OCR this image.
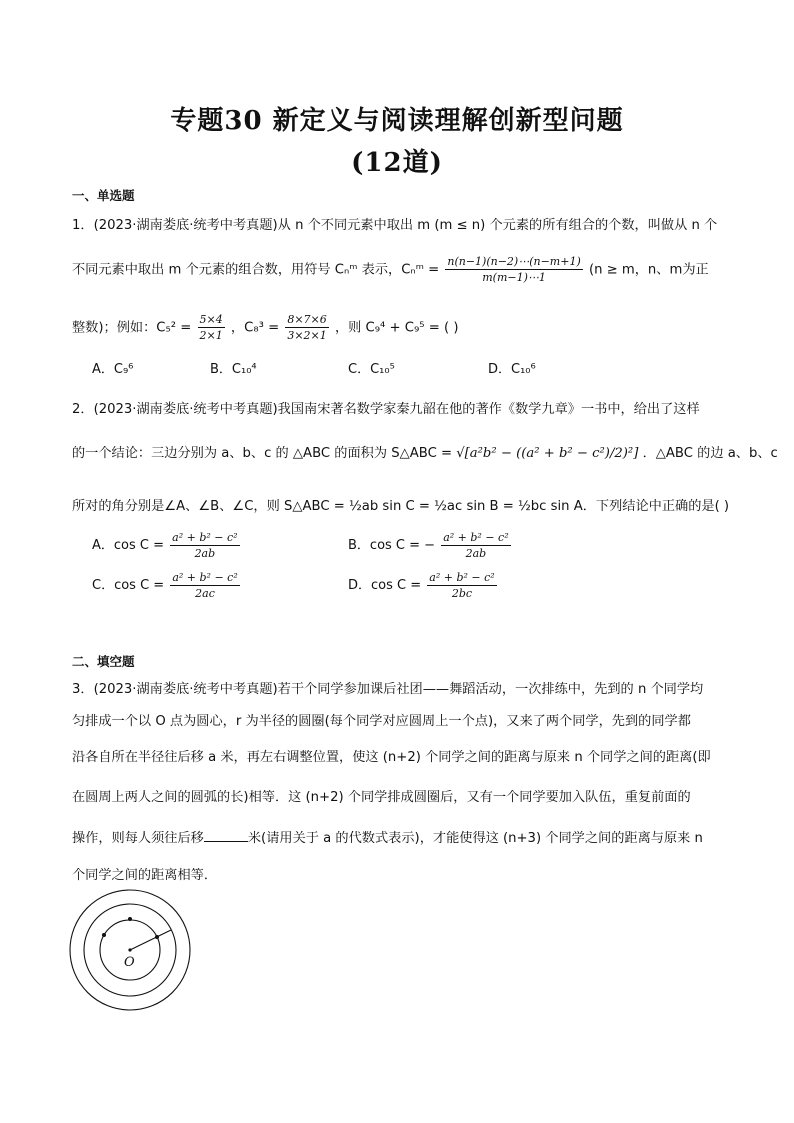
专题30 新定义与阅读理解创新型问题
(12道)
一、单选题
1．(2023·湖南娄底·统考中考真题)从 n 个不同元素中取出 m (m ≤ n) 个元素的所有组合的个数，叫做从 n 个
不同元素中取出 m 个元素的组合数，用符号 Cₙᵐ 表示，Cₙᵐ = $\frac{n(n-1)(n-2)\cdots(n-m+1)}{m(m-1)\cdots 1} (n \ge m$，n、m为正
整数)；例如：$C_5^2 = \frac{5\times 4}{2\times 1}$ ，$C_8^3 = \frac{8\times 7\times 6}{3\times 2\times 1}$ ，则 C₉⁴ + C₉⁵ = ( )
A．C₉⁶	B．C₁₀⁴	C．C₁₀⁵	D．C₁₀⁶
2．(2023·湖南娄底·统考中考真题)我国南宋著名数学家秦九韶在他的著作《数学九章》一书中，给出了这样
的一个结论：三边分别为 a、b、c 的 △ABC 的面积为 S△ABC = √[a²b² − ((a² + b² − c²)/2)²] ．△ABC 的边 a、b、c
所对的角分别是∠A、∠B、∠C，则 S△ABC = ½ab sin C = ½ac sin B = ½bc sin A．下列结论中正确的是( )
A．$\cos C = \frac{\text{a² + b² − c²}}{2ab}$	B．cos C = − $\frac{\text{a² + b² − c²}}{2ab}$
C．$\cos C = \frac{\text{a² + b² − c²}}{2ac}$	D．$\cos C = \frac{\text{a² + b² − c²}}{2bc}$
二、填空题
3．(2023·湖南娄底·统考中考真题)若干个同学参加课后社团——舞蹈活动，一次排练中，先到的 n 个同学均
匀排成一个以 O 点为圆心，r 为半径的圆圈(每个同学对应圆周上一个点)，又来了两个同学，先到的同学都
沿各自所在半径往后移 a 米，再左右调整位置，使这 (n+2) 个同学之间的距离与原来 n 个同学之间的距离(即
在圆周上两人之间的圆弧的长)相等．这 (n+2) 个同学排成圆圈后，又有一个同学要加入队伍，重复前面的
操作，则每人须往后移	米(请用关于 a 的代数式表示)，才能使得这 (n+3) 个同学之间的距离与原来 n
个同学之间的距离相等．
O
